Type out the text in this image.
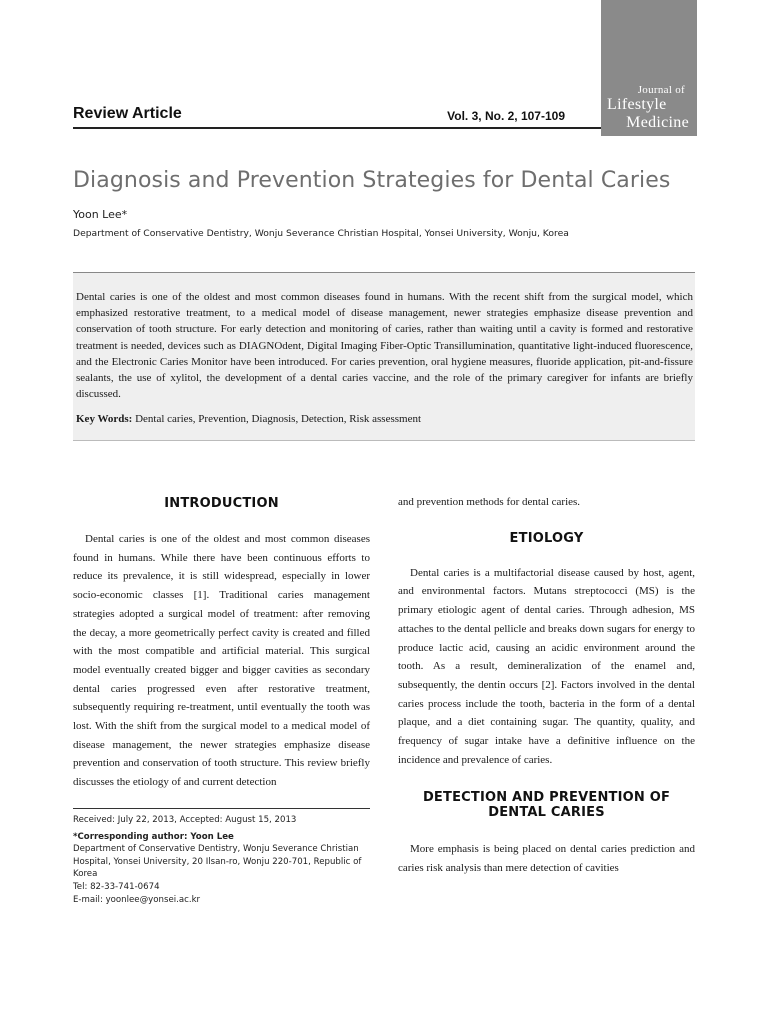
Journal of
Lifestyle
Medicine
Review Article	Vol. 3, No. 2, 107-109
Diagnosis and Prevention Strategies for Dental Caries
Yoon Lee*
Department of Conservative Dentistry, Wonju Severance Christian Hospital, Yonsei University, Wonju, Korea
Dental caries is one of the oldest and most common diseases found in humans. With the recent shift from the surgical model, which emphasized restorative treatment, to a medical model of disease management, newer strategies emphasize disease prevention and conservation of tooth structure. For early detection and monitoring of caries, rather than waiting until a cavity is formed and restorative treatment is needed, devices such as DIAGNOdent, Digital Imaging Fiber-Optic Transillumination, quantitative light-induced fluorescence, and the Electronic Caries Monitor have been introduced. For caries prevention, oral hygiene measures, fluoride application, pit-and-fissure sealants, the use of xylitol, the development of a dental caries vaccine, and the role of the primary caregiver for infants are briefly discussed.
Key Words: Dental caries, Prevention, Diagnosis, Detection, Risk assessment
INTRODUCTION

Dental caries is one of the oldest and most common diseases found in humans. While there have been continuous efforts to reduce its prevalence, it is still widespread, especially in lower socio-economic classes [1]. Traditional caries management strategies adopted a surgical model of treatment: after removing the decay, a more geometrically perfect cavity is created and filled with the most compatible and artificial material. This surgical model eventually created bigger and bigger cavities as secondary dental caries progressed even after restorative treatment, subsequently requiring re-treatment, until eventually the tooth was lost. With the shift from the surgical model to a medical model of disease management, the newer strategies emphasize disease prevention and conservation of tooth structure. This review briefly discusses the etiology of and current detection

and prevention methods for dental caries.

ETIOLOGY

Dental caries is a multifactorial disease caused by host, agent, and environmental factors. Mutans streptococci (MS) is the primary etiologic agent of dental caries. Through adhesion, MS attaches to the dental pellicle and breaks down sugars for energy to produce lactic acid, causing an acidic environment around the tooth. As a result, demineralization of the enamel and, subsequently, the dentin occurs [2]. Factors involved in the dental caries process include the tooth, bacteria in the form of a dental plaque, and a diet containing sugar. The quantity, quality, and frequency of sugar intake have a definitive influence on the incidence and prevalence of caries.

DETECTION AND PREVENTION OF
DENTAL CARIES

More emphasis is being placed on dental caries prediction and caries risk analysis than mere detection of cavities

Received: July 22, 2013, Accepted: August 15, 2013
*Corresponding author: Yoon Lee
Department of Conservative Dentistry, Wonju Severance Christian Hospital, Yonsei University, 20 Ilsan-ro, Wonju 220-701, Republic of Korea
Tel: 82-33-741-0674
E-mail: yoonlee@yonsei.ac.kr
